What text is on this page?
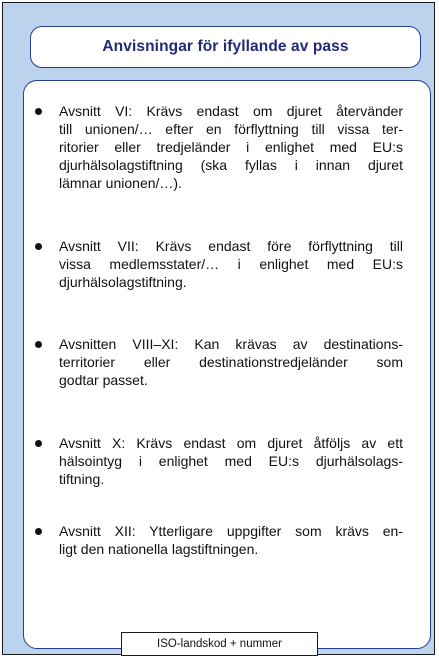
Anvisningar för ifyllande av pass
Avsnitt VI: Krävs endast om djuret återvänder
till unionen/… efter en förflyttning till vissa ter-
ritorier eller tredjeländer i enlighet med EU:s
djurhälsolagstiftning (ska fyllas i innan djuret
lämnar unionen/…).
Avsnitt VII: Krävs endast före förflyttning till
vissa medlemsstater/… i enlighet med EU:s
djurhälsolagstiftning.
Avsnitten VIII–XI: Kan krävas av destinations-
territorier eller destinationstredjeländer som
godtar passet.
Avsnitt X: Krävs endast om djuret åtföljs av ett
hälsointyg i enlighet med EU:s djurhälsolags-
tiftning.
Avsnitt XII: Ytterligare uppgifter som krävs en-
ligt den nationella lagstiftningen.
ISO-landskod + nummer
